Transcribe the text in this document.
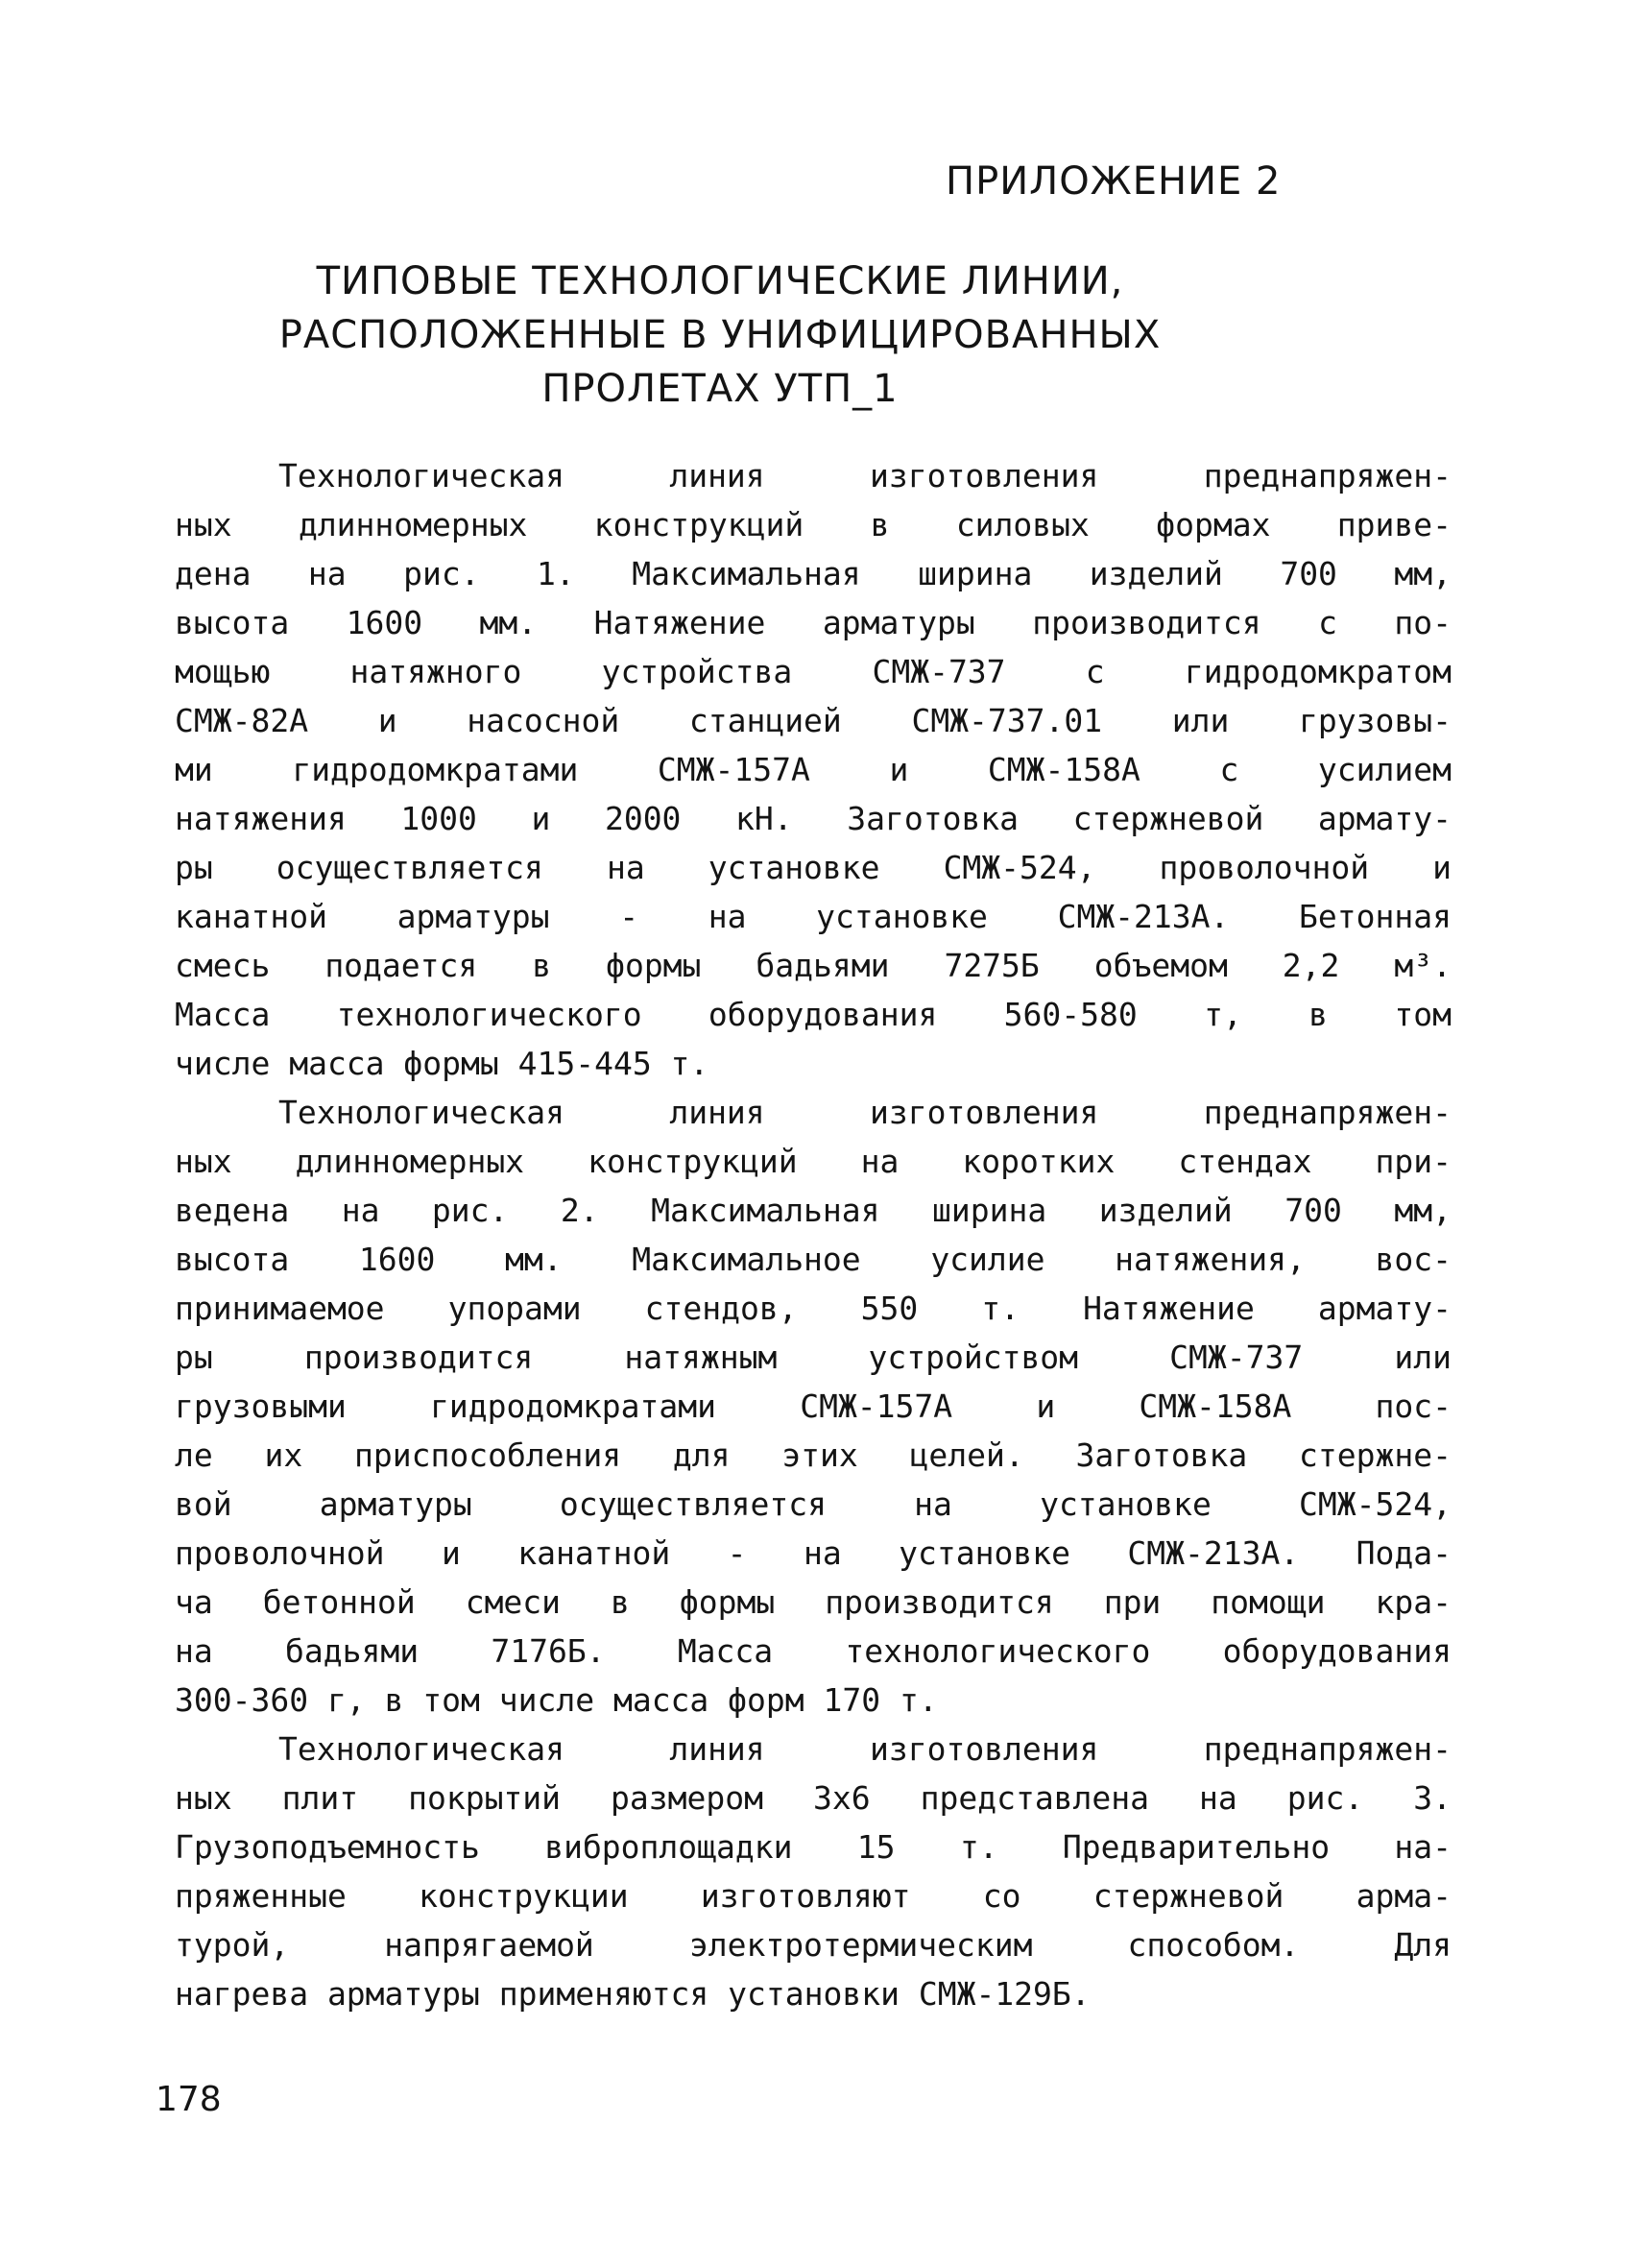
ПРИЛОЖЕНИЕ 2
ТИПОВЫЕ ТЕХНОЛОГИЧЕСКИЕ ЛИНИИ,
РАСПОЛОЖЕННЫЕ В УНИФИЦИРОВАННЫХ
ПРОЛЕТАХ УТП_1
Технологическая линия изготовления преднапряжен-
ных длинномерных конструкций в силовых формах приве-
дена на рис. 1. Максимальная ширина изделий 700 мм,
высота 1600 мм. Натяжение арматуры производится с по-
мощью натяжного устройства СМЖ-737 с гидродомкратом
СМЖ-82А и насосной станцией СМЖ-737.01 или грузовы-
ми гидродомкратами СМЖ-157А и СМЖ-158А с усилием
натяжения 1000 и 2000 кН. Заготовка стержневой армату-
ры осуществляется на установке СМЖ-524, проволочной и
канатной арматуры - на установке СМЖ-213А. Бетонная
смесь подается в формы бадьями 7275Б объемом 2,2 м³.
Масса технологического оборудования 560-580 т, в том
числе масса формы 415-445 т.
Технологическая линия изготовления преднапряжен-
ных длинномерных конструкций на коротких стендах при-
ведена на рис. 2. Максимальная ширина изделий 700 мм,
высота 1600 мм. Максимальное усилие натяжения, вос-
принимаемое упорами стендов, 550 т. Натяжение армату-
ры производится натяжным устройством СМЖ-737 или
грузовыми гидродомкратами СМЖ-157А и СМЖ-158А пос-
ле их приспособления для этих целей. Заготовка стержне-
вой арматуры осуществляется на установке СМЖ-524,
проволочной и канатной - на установке СМЖ-213А. Пода-
ча бетонной смеси в формы производится при помощи кра-
на бадьями 7176Б. Масса технологического оборудования
300-360 г, в том числе масса форм 170 т.
Технологическая линия изготовления преднапряжен-
ных плит покрытий размером 3х6 представлена на рис. 3.
Грузоподъемность виброплощадки 15 т. Предварительно на-
пряженные конструкции изготовляют со стержневой арма-
турой, напрягаемой электротермическим способом. Для
нагрева арматуры применяются установки СМЖ-129Б.
178
